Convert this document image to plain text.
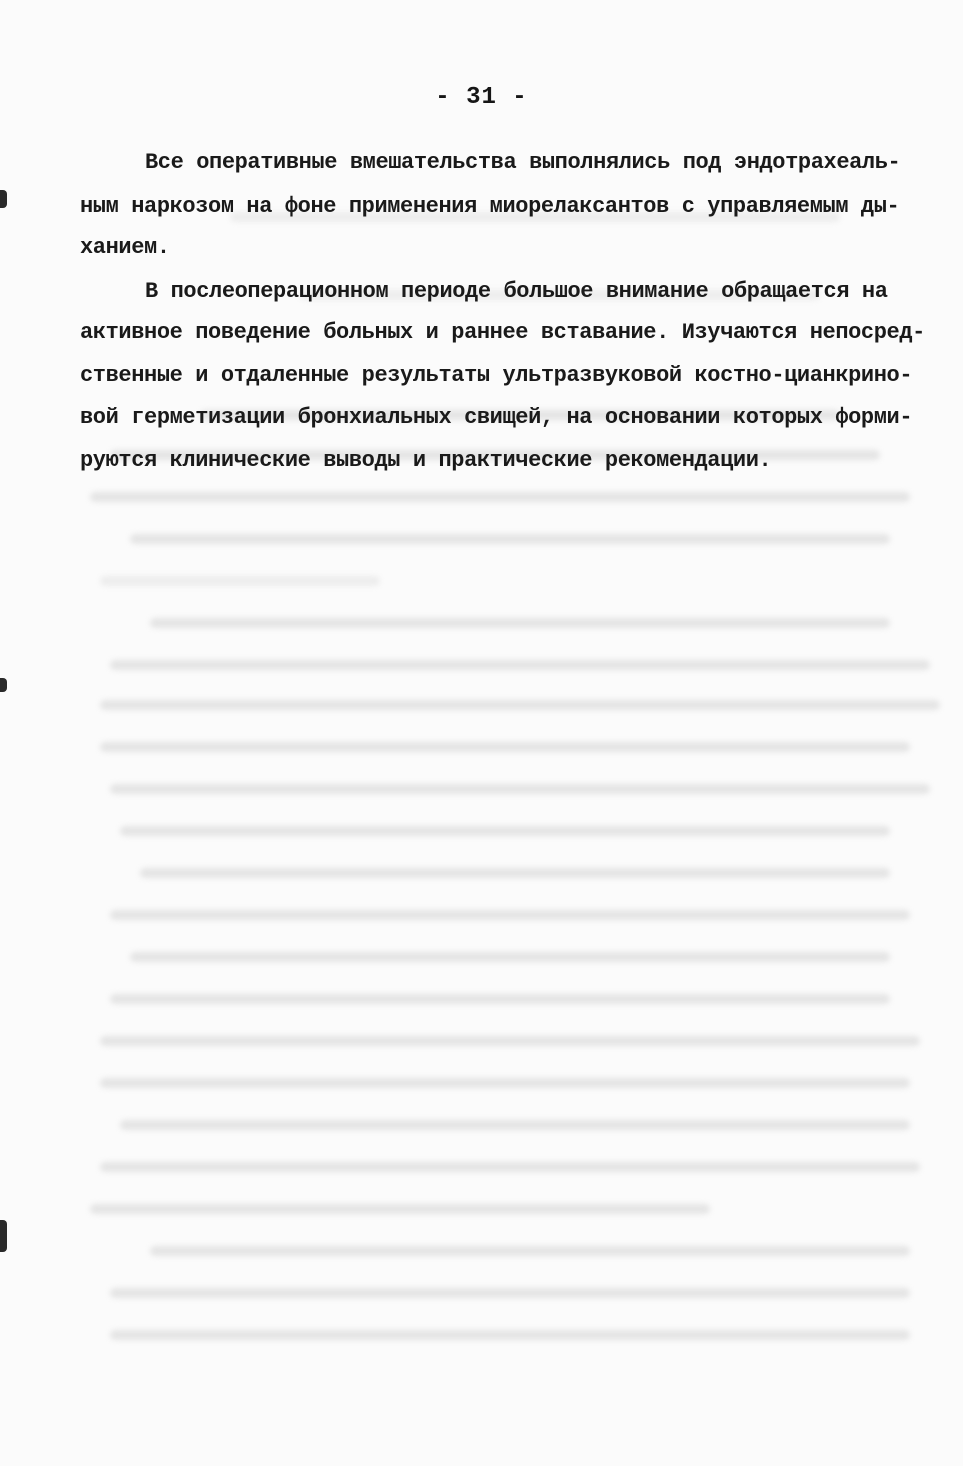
- 31 -
Все оперативные вмешательства выполнялись под эндотрахеаль-
ным наркозом на фоне применения миорелаксантов с управляемым ды-
ханием.
В послеоперационном периоде большое внимание обращается на
активное поведение больных и раннее вставание. Изучаются непосред-
ственные и отдаленные результаты ультразвуковой костно-цианкрино-
вой герметизации бронхиальных свищей, на основании которых форми-
руются клинические выводы и практические рекомендации.
